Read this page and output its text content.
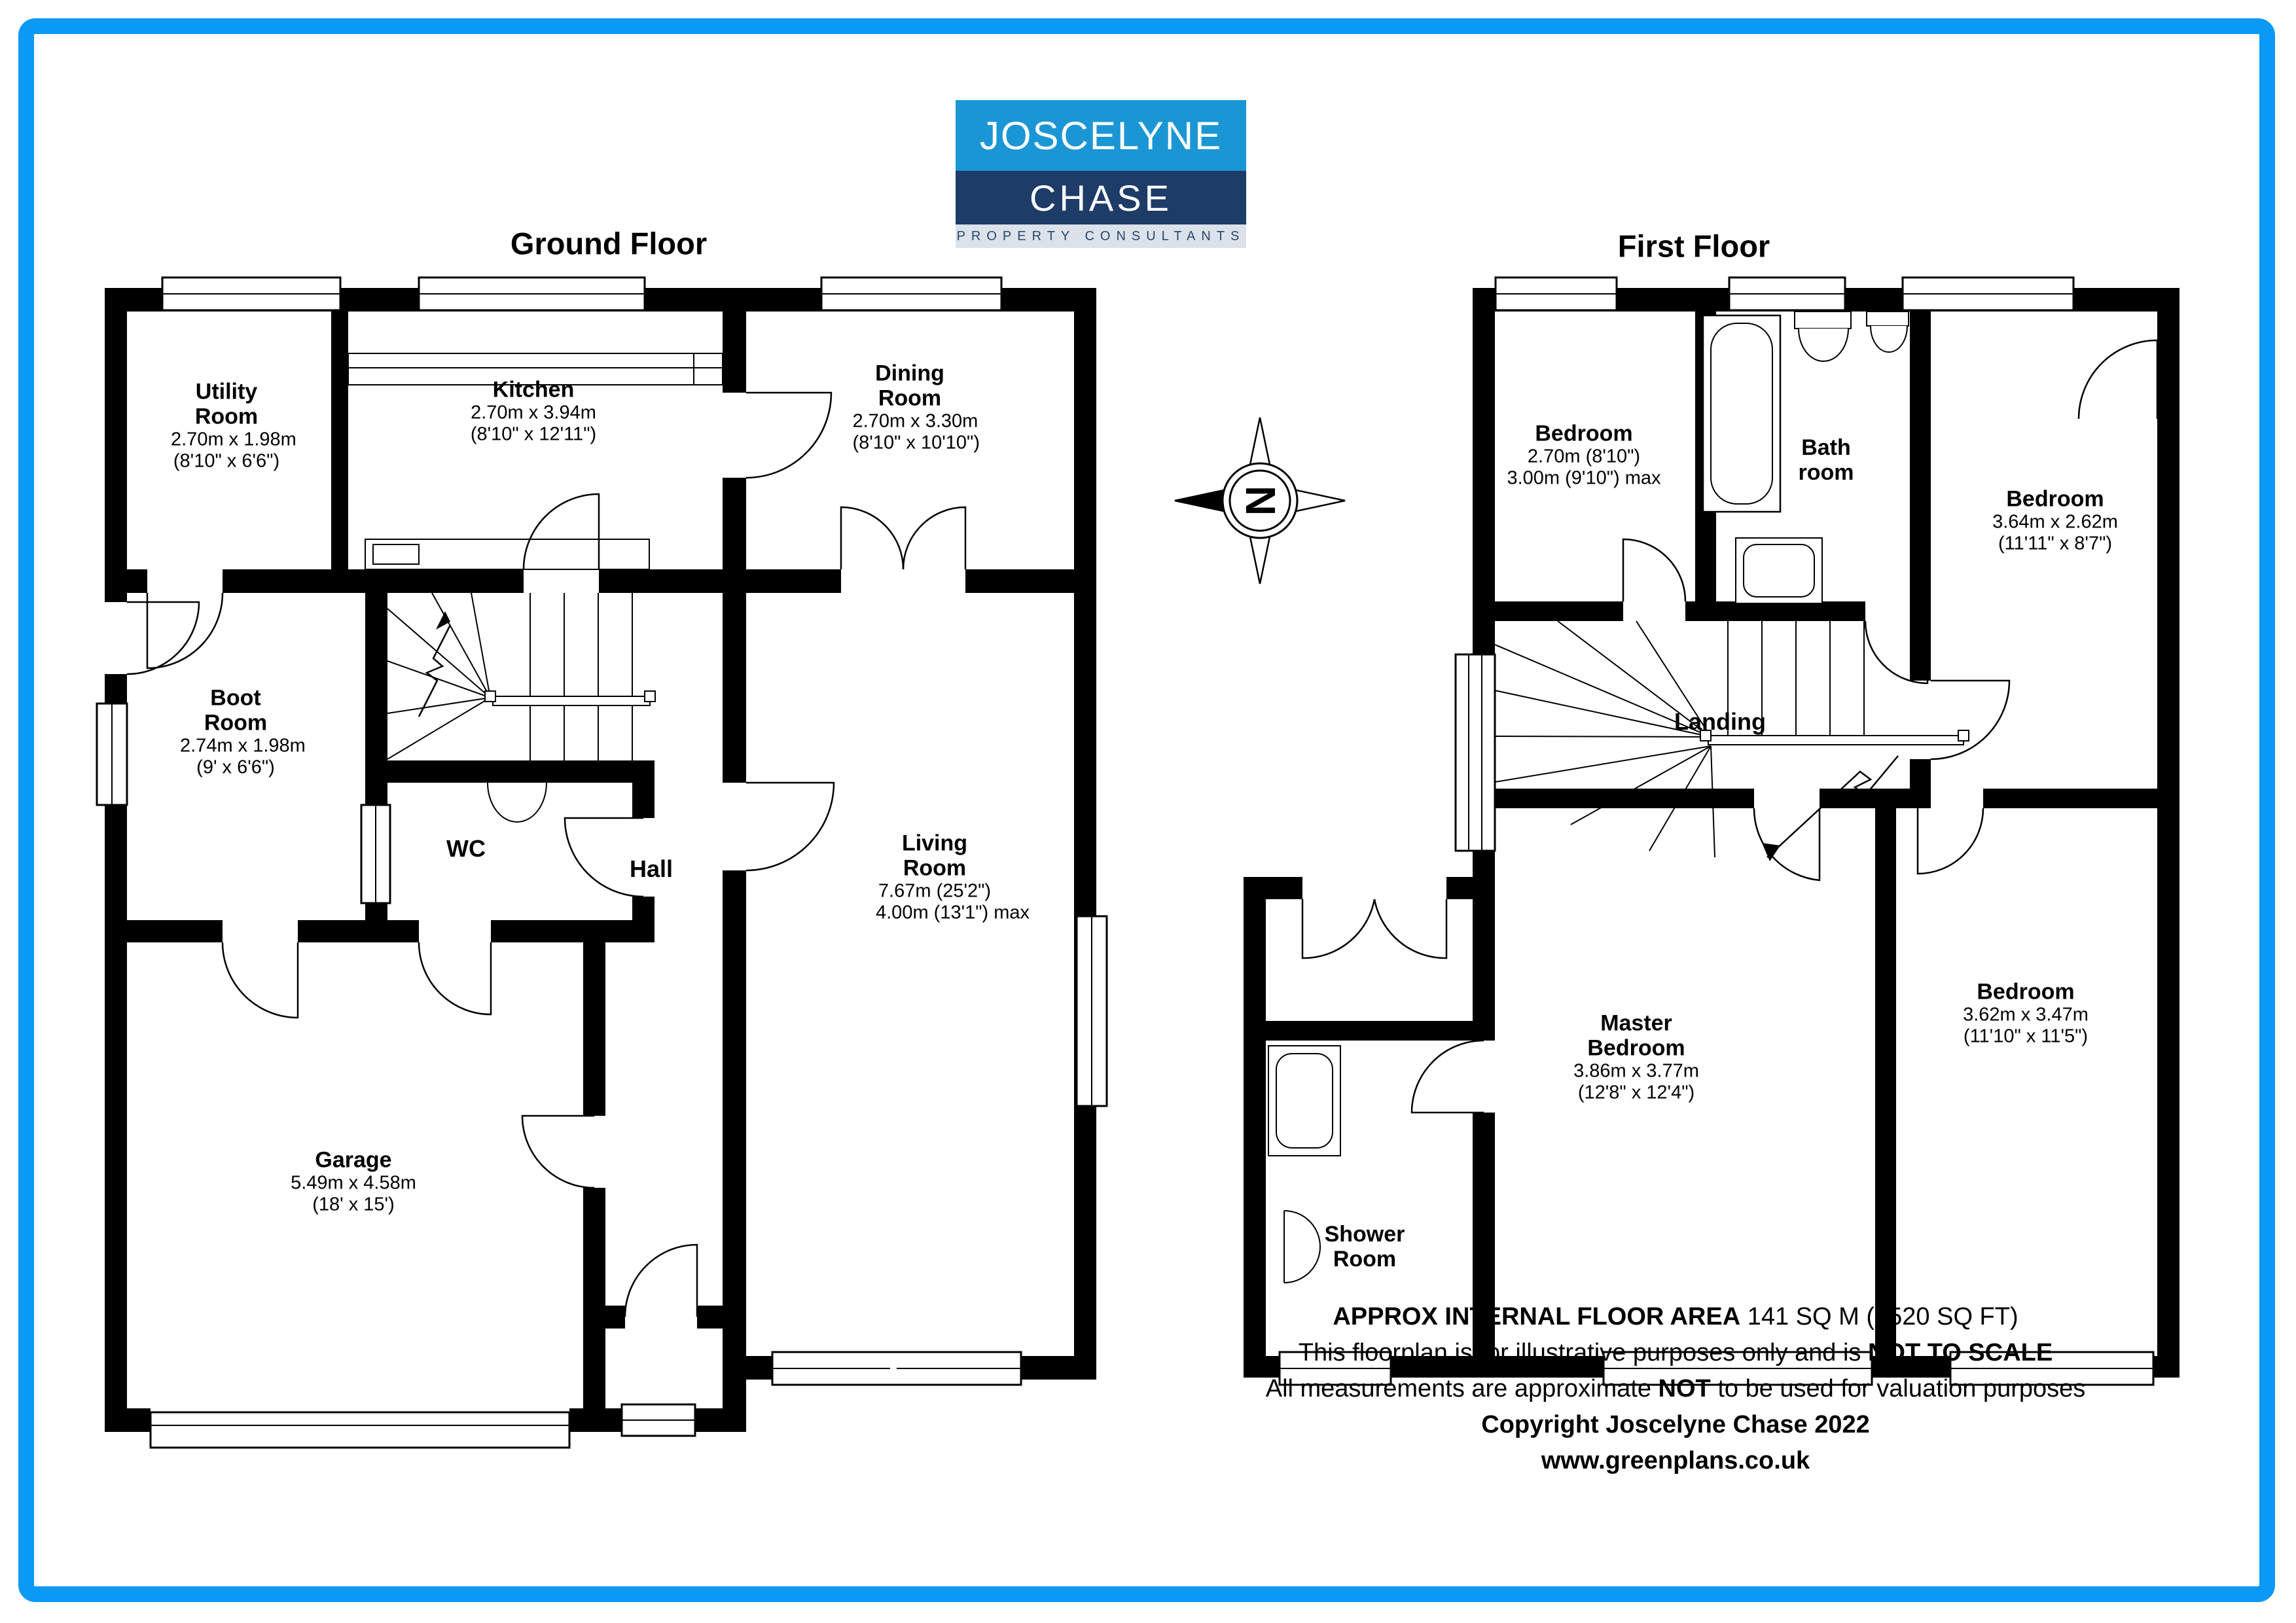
JOSCELYNE
CHASE
PROPERTY CONSULTANTS
Ground Floor	First Floor
N
Utility Room
2.70m x 1.98m
(8'10" x 6'6")
Kitchen
2.70m x 3.94m
(8'10" x 12'11")
Dining Room
2.70m x 3.30m
(8'10" x 10'10")
Boot Room
2.74m x 1.98m
(9' x 6'6")
WC
Hall
Living Room
7.67m (25'2")
4.00m (13'1") max
Garage
5.49m x 4.58m
(18' x 15')
Bedroom
2.70m (8'10")
3.00m (9'10") max
Bath room
Bedroom
3.64m x 2.62m
(11'11" x 8'7")
Landing
Bedroom
3.62m x 3.47m
(11'10" x 11'5")
Master Bedroom
3.86m x 3.77m
(12'8" x 12'4")
Shower Room
APPROX INTERNAL FLOOR AREA 141 SQ M (1520 SQ FT)
This floorplan is for illustrative purposes only and is NOT TO SCALE
All measurements are approximate NOT to be used for valuation purposes
Copyright Joscelyne Chase 2022
www.greenplans.co.uk
